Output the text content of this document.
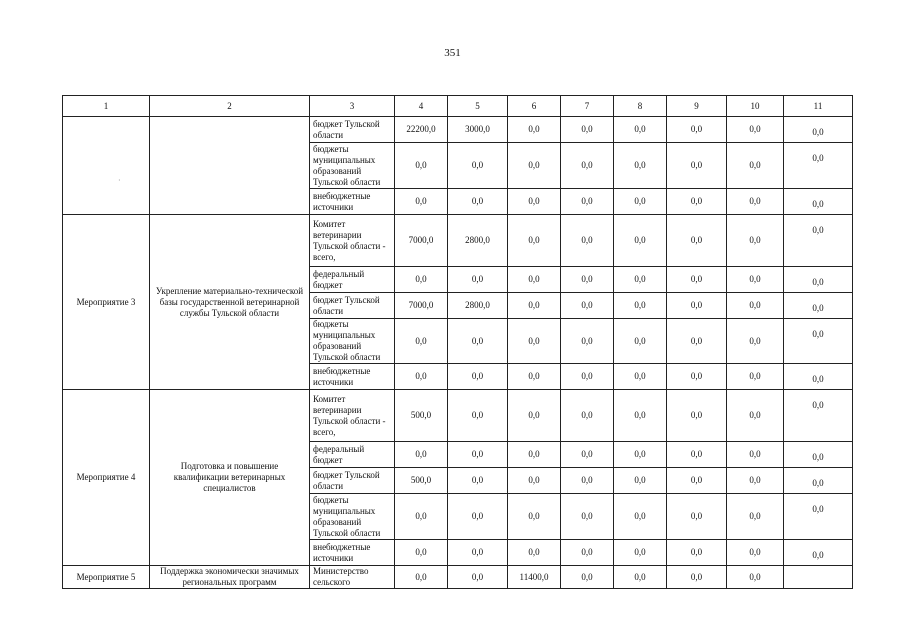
351
1	2	3	4	5	6	7	8	9	10	11
		бюджет Тульской области	22200,0	3000,0	0,0	0,0	0,0	0,0	0,0	0,0
		бюджеты муниципальных образований Тульской области	0,0	0,0	0,0	0,0	0,0	0,0	0,0	0,0
		внебюджетные источники	0,0	0,0	0,0	0,0	0,0	0,0	0,0	0,0
Мероприятие 3	Укрепление материально-технической базы государственной ветеринарной службы Тульской области	Комитет ветеринарии Тульской области - всего,	7000,0	2800,0	0,0	0,0	0,0	0,0	0,0	0,0
		федеральный бюджет	0,0	0,0	0,0	0,0	0,0	0,0	0,0	0,0
		бюджет Тульской области	7000,0	2800,0	0,0	0,0	0,0	0,0	0,0	0,0
		бюджеты муниципальных образований Тульской области	0,0	0,0	0,0	0,0	0,0	0,0	0,0	0,0
		внебюджетные источники	0,0	0,0	0,0	0,0	0,0	0,0	0,0	0,0
Мероприятие 4	Подготовка и повышение квалификации ветеринарных специалистов	Комитет ветеринарии Тульской области - всего,	500,0	0,0	0,0	0,0	0,0	0,0	0,0	0,0
		федеральный бюджет	0,0	0,0	0,0	0,0	0,0	0,0	0,0	0,0
		бюджет Тульской области	500,0	0,0	0,0	0,0	0,0	0,0	0,0	0,0
		бюджеты муниципальных образований Тульской области	0,0	0,0	0,0	0,0	0,0	0,0	0,0	0,0
		внебюджетные источники	0,0	0,0	0,0	0,0	0,0	0,0	0,0	0,0
Мероприятие 5	Поддержка экономически значимых региональных программ	Министерство сельского	0,0	0,0	11400,0	0,0	0,0	0,0	0,0	
·
